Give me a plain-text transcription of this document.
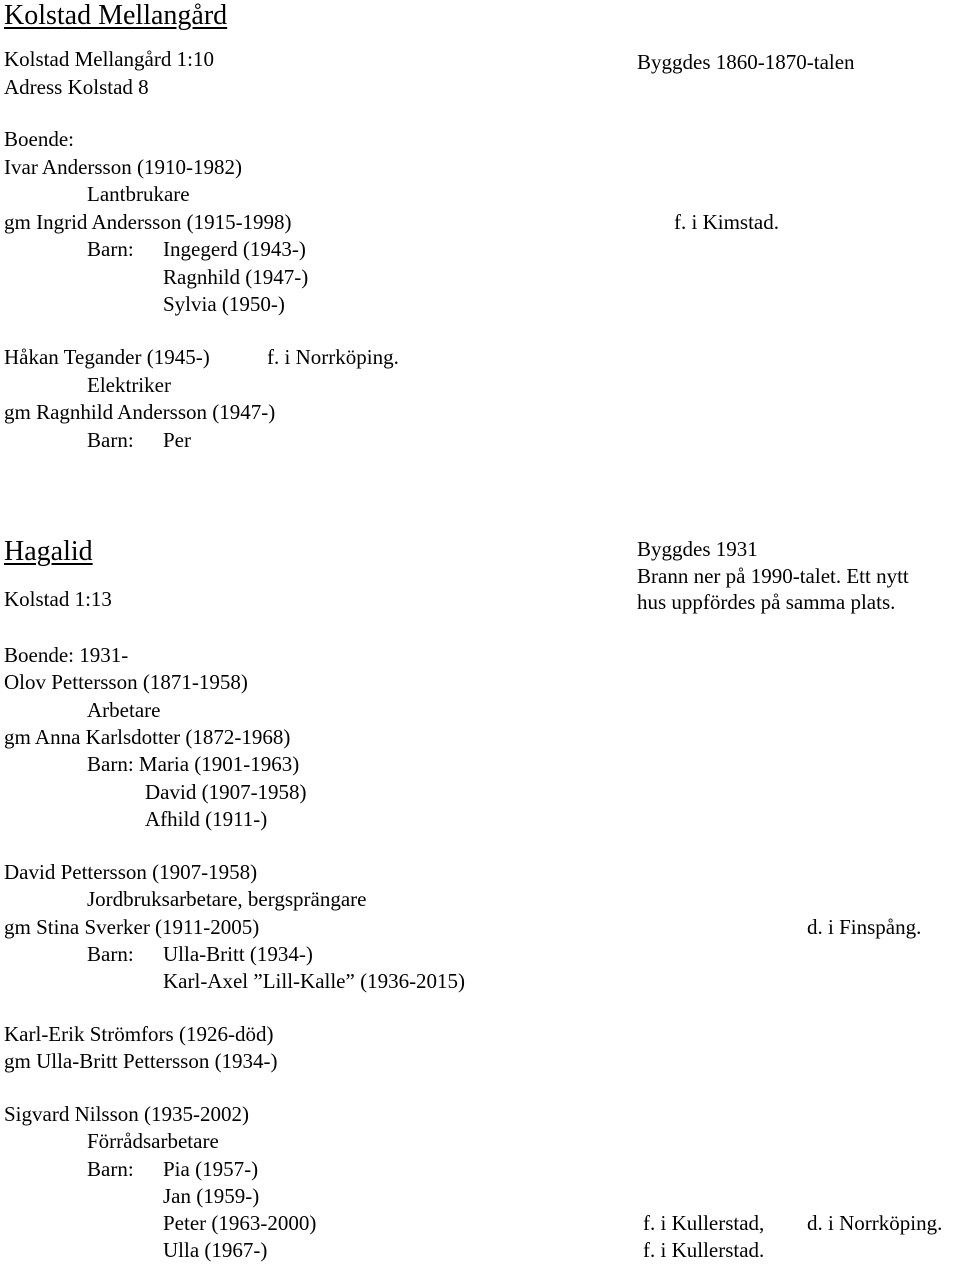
Kolstad Mellangård
Kolstad Mellangård 1:10
Adress Kolstad 8
Byggdes 1860-1870-talen
Boende:
Ivar Andersson (1910-1982)
Lantbrukare
gm Ingrid Andersson (1915-1998)	f. i Kimstad.
Barn: Ingegerd (1943-)
Ragnhild (1947-)
Sylvia (1950-)
Håkan Tegander (1945-)	f. i Norrköping.
Elektriker
gm Ragnhild Andersson (1947-)
Barn: Per
Hagalid
Kolstad 1:13
Byggdes 1931
Brann ner på 1990-talet. Ett nytt
hus uppfördes på samma plats.
Boende: 1931-
Olov Pettersson (1871-1958)
Arbetare
gm Anna Karlsdotter (1872-1968)
Barn: Maria (1901-1963)
David (1907-1958)
Afhild (1911-)
David Pettersson (1907-1958)
Jordbruksarbetare, bergsprängare
gm Stina Sverker (1911-2005)	d. i Finspång.
Barn: Ulla-Britt (1934-)
Karl-Axel ”Lill-Kalle” (1936-2015)
Karl-Erik Strömfors (1926-död)
gm Ulla-Britt Pettersson (1934-)
Sigvard Nilsson (1935-2002)
Förrådsarbetare
Barn: Pia (1957-)
Jan (1959-)
Peter (1963-2000)	f. i Kullerstad, d. i Norrköping.
Ulla (1967-)	f. i Kullerstad.
